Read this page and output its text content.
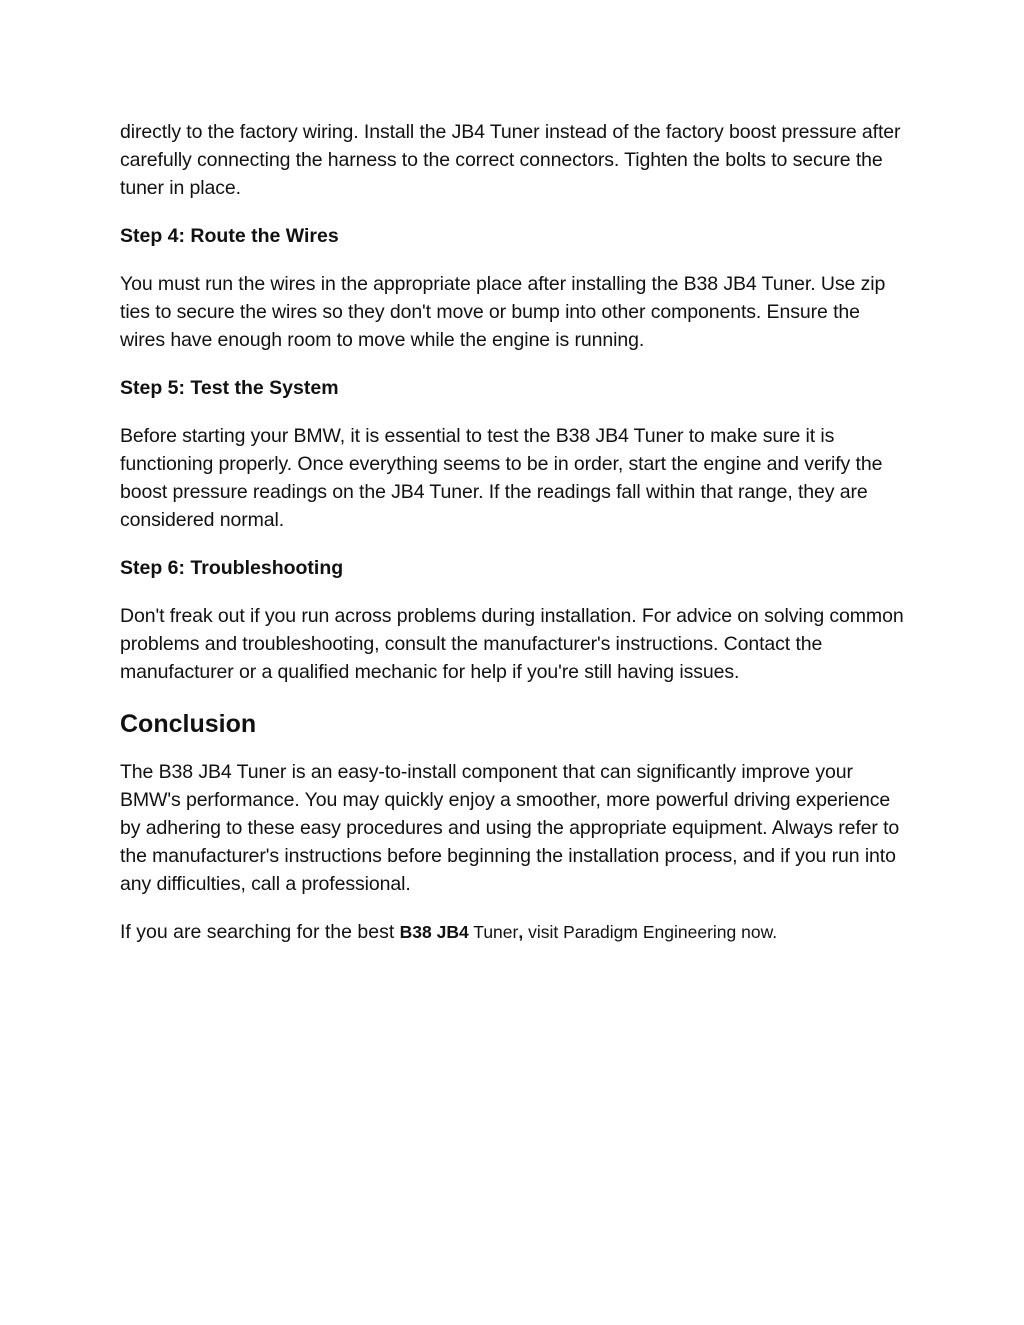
directly to the factory wiring. Install the JB4 Tuner instead of the factory boost pressure after carefully connecting the harness to the correct connectors. Tighten the bolts to secure the tuner in place.

Step 4: Route the Wires

You must run the wires in the appropriate place after installing the B38 JB4 Tuner. Use zip ties to secure the wires so they don't move or bump into other components. Ensure the wires have enough room to move while the engine is running.

Step 5: Test the System

Before starting your BMW, it is essential to test the B38 JB4 Tuner to make sure it is functioning properly. Once everything seems to be in order, start the engine and verify the boost pressure readings on the JB4 Tuner. If the readings fall within that range, they are considered normal.

Step 6: Troubleshooting

Don't freak out if you run across problems during installation. For advice on solving common problems and troubleshooting, consult the manufacturer's instructions. Contact the manufacturer or a qualified mechanic for help if you're still having issues.

Conclusion

The B38 JB4 Tuner is an easy-to-install component that can significantly improve your BMW's performance. You may quickly enjoy a smoother, more powerful driving experience by adhering to these easy procedures and using the appropriate equipment. Always refer to the manufacturer's instructions before beginning the installation process, and if you run into any difficulties, call a professional.

If you are searching for the best B38 JB4 Tuner, visit Paradigm Engineering now.
